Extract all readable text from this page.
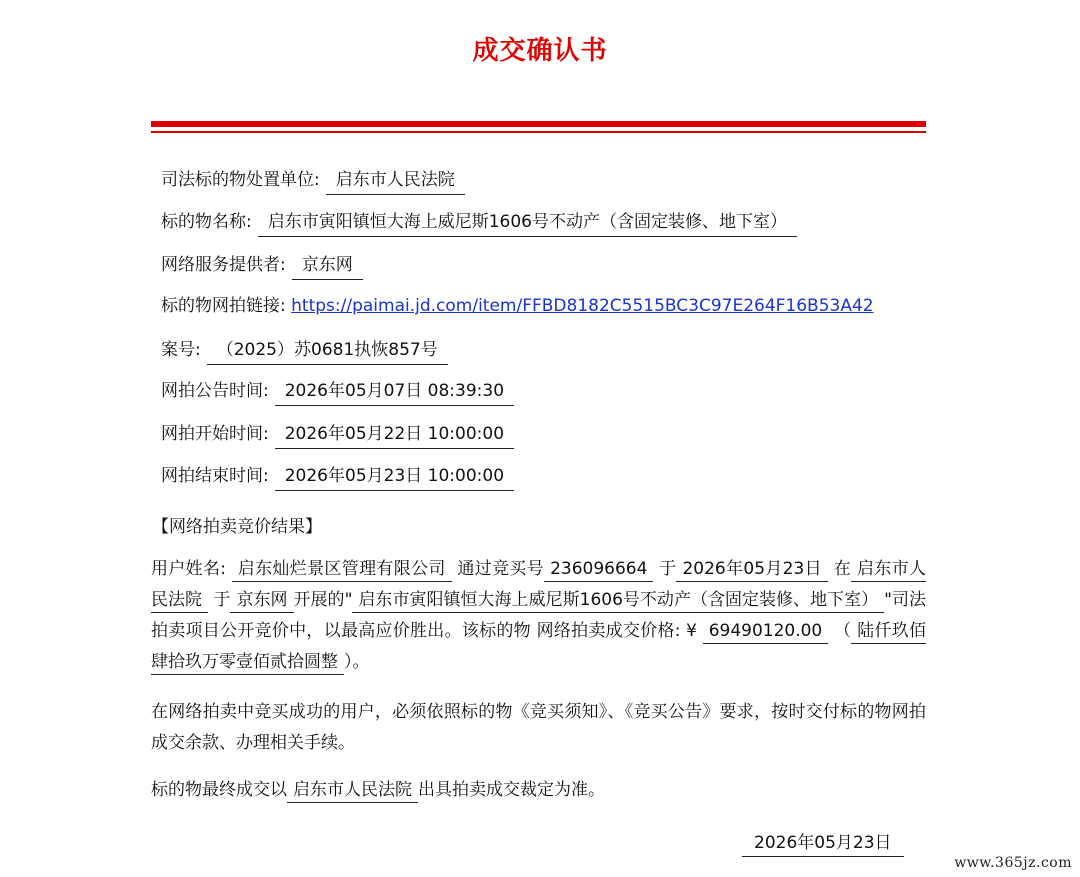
成交确认书
司法标的物处置单位: 启东市人民法院
标的物名称: 启东市寅阳镇恒大海上威尼斯1606号不动产（含固定装修、地下室）
网络服务提供者: 京东网
标的物网拍链接: https://paimai.jd.com/item/FFBD8182C5515BC3C97E264F16B53A42
案号: （2025）苏0681执恢857号
网拍公告时间: 2026年05月07日 08:39:30
网拍开始时间: 2026年05月22日 10:00:00
网拍结束时间: 2026年05月23日 10:00:00
【网络拍卖竞价结果】
用户姓名: 启东灿烂景区管理有限公司 通过竞买号 236096664 于 2026年05月23日 在 启东市人民法院 于 京东网 开展的" 启东市寅阳镇恒大海上威尼斯1606号不动产（含固定装修、地下室） "司法拍卖项目公开竞价中，以最高应价胜出。该标的物 网络拍卖成交价格: ¥ 69490120.00 （ 陆仟玖佰肆拾玖万零壹佰贰拾圆整 ）。
在网络拍卖中竞买成功的用户，必须依照标的物《竞买须知》、《竞买公告》要求，按时交付标的物网拍成交余款、办理相关手续。
标的物最终成交以 启东市人民法院 出具拍卖成交裁定为准。
2026年05月23日
www.365jz.com
